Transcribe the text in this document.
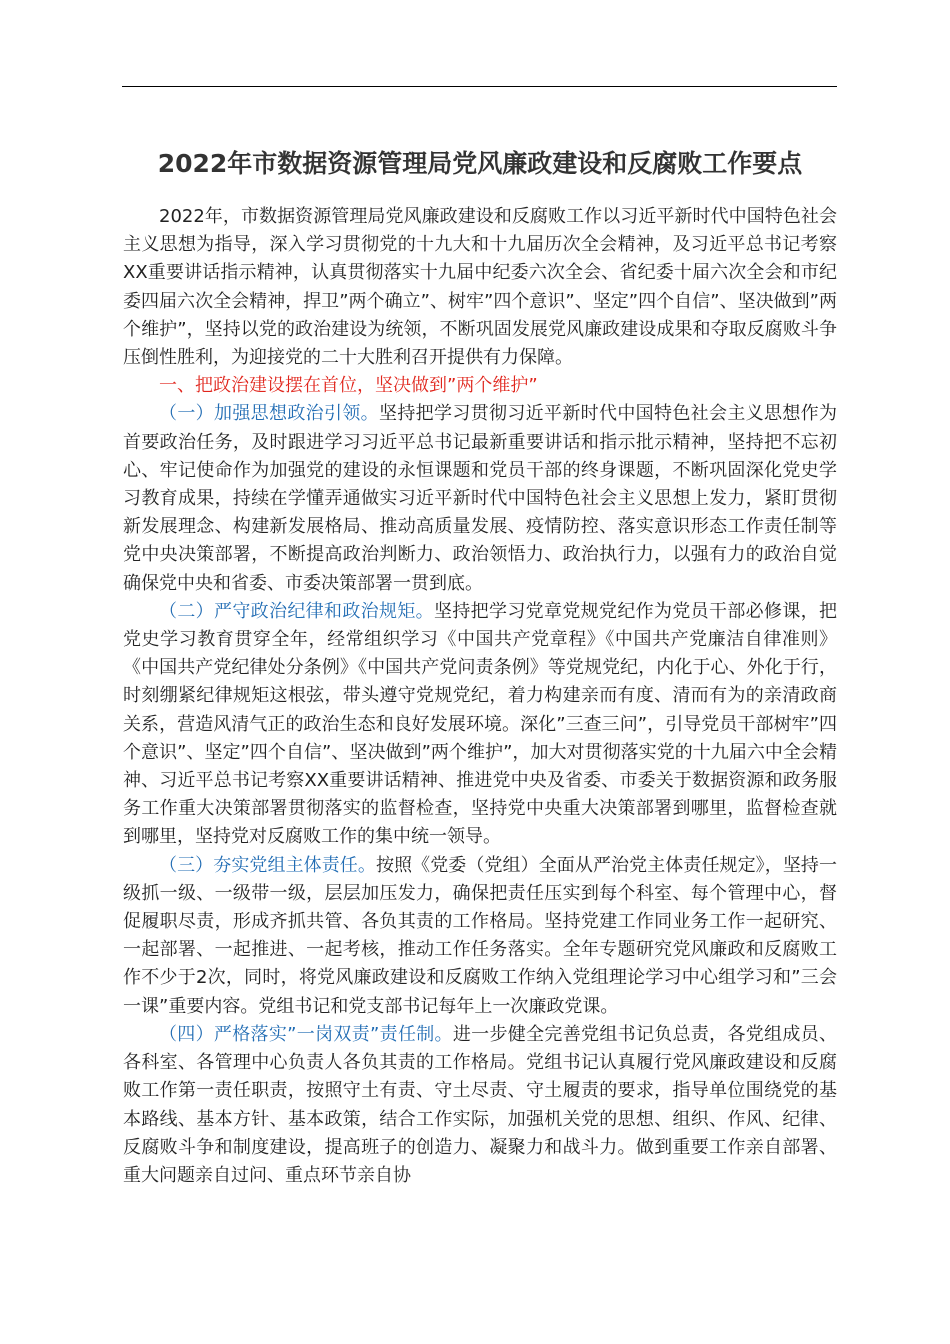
2022年市数据资源管理局党风廉政建设和反腐败工作要点

2022年，市数据资源管理局党风廉政建设和反腐败工作以习近平新时代中国特色社会主义思想为指导，深入学习贯彻党的十九大和十九届历次全会精神，及习近平总书记考察XX重要讲话指示精神，认真贯彻落实十九届中纪委六次全会、省纪委十届六次全会和市纪委四届六次全会精神，捍卫”两个确立”、树牢”四个意识”、坚定”四个自信”、坚决做到”两个维护”，坚持以党的政治建设为统领，不断巩固发展党风廉政建设成果和夺取反腐败斗争压倒性胜利，为迎接党的二十大胜利召开提供有力保障。

一、把政治建设摆在首位，坚决做到”两个维护”

（一）加强思想政治引领。坚持把学习贯彻习近平新时代中国特色社会主义思想作为首要政治任务，及时跟进学习习近平总书记最新重要讲话和指示批示精神，坚持把不忘初心、牢记使命作为加强党的建设的永恒课题和党员干部的终身课题，不断巩固深化党史学习教育成果，持续在学懂弄通做实习近平新时代中国特色社会主义思想上发力，紧盯贯彻新发展理念、构建新发展格局、推动高质量发展、疫情防控、落实意识形态工作责任制等党中央决策部署，不断提高政治判断力、政治领悟力、政治执行力，以强有力的政治自觉确保党中央和省委、市委决策部署一贯到底。

（二）严守政治纪律和政治规矩。坚持把学习党章党规党纪作为党员干部必修课，把党史学习教育贯穿全年，经常组织学习《中国共产党章程》《中国共产党廉洁自律准则》《中国共产党纪律处分条例》《中国共产党问责条例》等党规党纪，内化于心、外化于行，时刻绷紧纪律规矩这根弦，带头遵守党规党纪，着力构建亲而有度、清而有为的亲清政商关系，营造风清气正的政治生态和良好发展环境。深化”三查三问”，引导党员干部树牢”四个意识”、坚定”四个自信”、坚决做到”两个维护”，加大对贯彻落实党的十九届六中全会精神、习近平总书记考察XX重要讲话精神、推进党中央及省委、市委关于数据资源和政务服务工作重大决策部署贯彻落实的监督检查，坚持党中央重大决策部署到哪里，监督检查就到哪里，坚持党对反腐败工作的集中统一领导。

（三）夯实党组主体责任。按照《党委（党组）全面从严治党主体责任规定》，坚持一级抓一级、一级带一级，层层加压发力，确保把责任压实到每个科室、每个管理中心，督促履职尽责，形成齐抓共管、各负其责的工作格局。坚持党建工作同业务工作一起研究、一起部署、一起推进、一起考核，推动工作任务落实。全年专题研究党风廉政和反腐败工作不少于2次，同时，将党风廉政建设和反腐败工作纳入党组理论学习中心组学习和”三会一课”重要内容。党组书记和党支部书记每年上一次廉政党课。

（四）严格落实”一岗双责”责任制。进一步健全完善党组书记负总责，各党组成员、各科室、各管理中心负责人各负其责的工作格局。党组书记认真履行党风廉政建设和反腐败工作第一责任职责，按照守土有责、守土尽责、守土履责的要求，指导单位围绕党的基本路线、基本方针、基本政策，结合工作实际，加强机关党的思想、组织、作风、纪律、反腐败斗争和制度建设，提高班子的创造力、凝聚力和战斗力。做到重要工作亲自部署、重大问题亲自过问、重点环节亲自协
